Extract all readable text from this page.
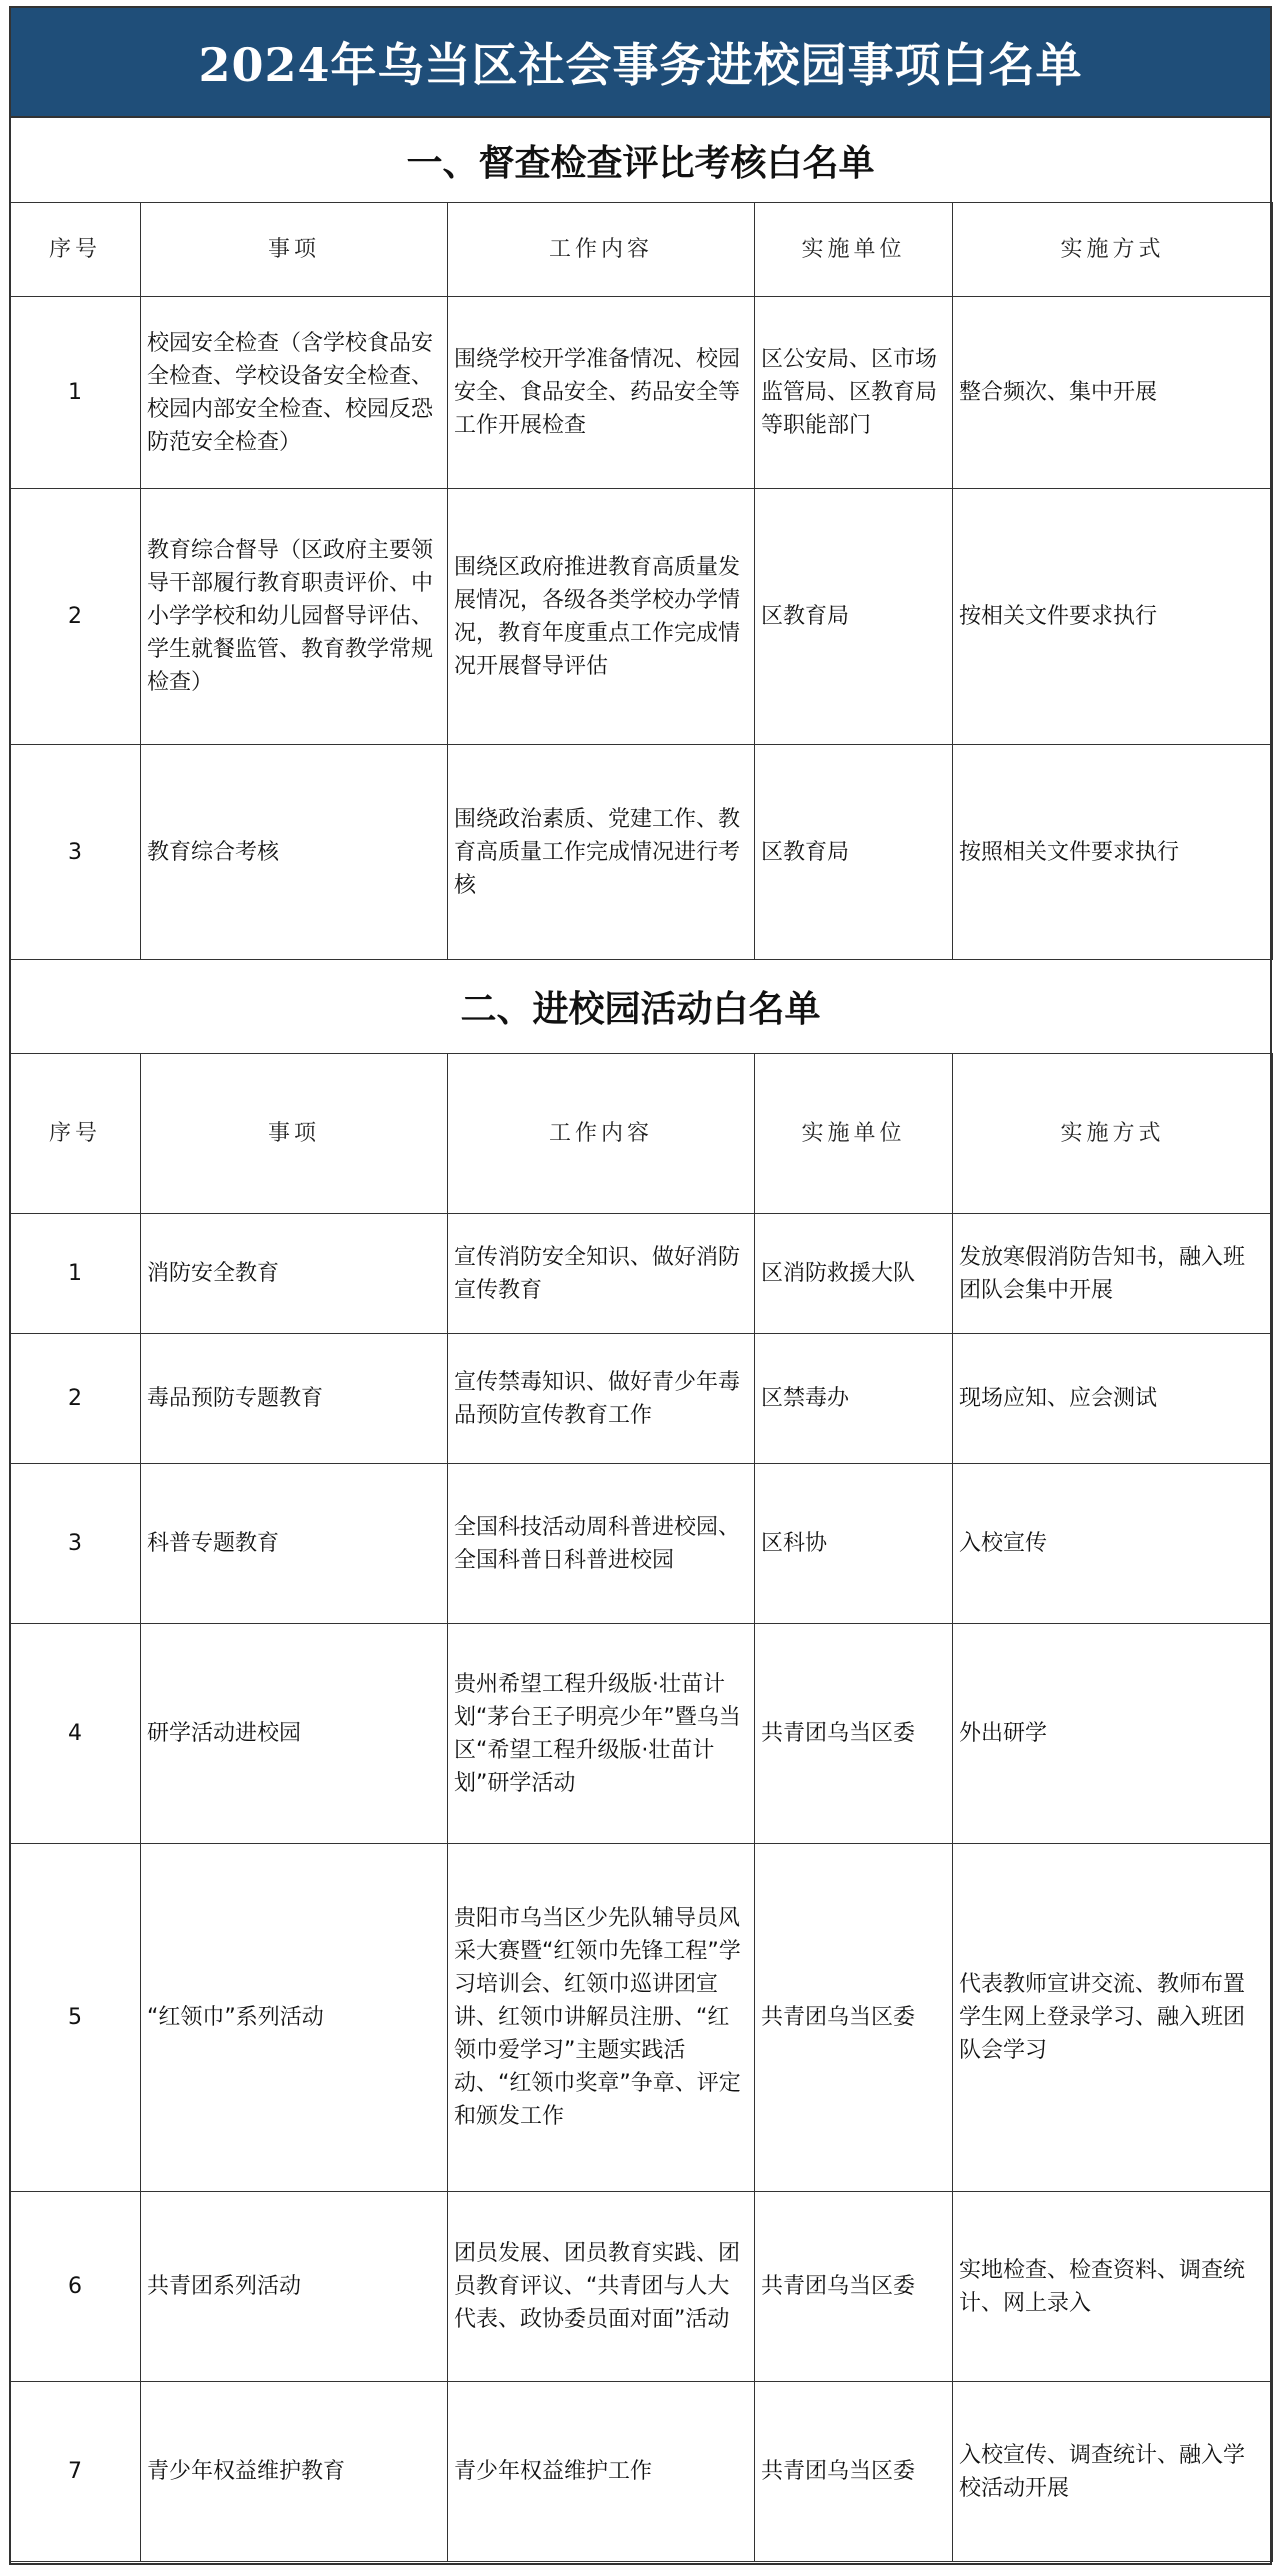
2024年乌当区社会事务进校园事项白名单
一、督查检查评比考核白名单
序号	事项	工作内容	实施单位	实施方式
1	校园安全检查（含学校食品安全检查、学校设备安全检查、校园内部安全检查、校园反恐防范安全检查）	围绕学校开学准备情况、校园安全、食品安全、药品安全等工作开展检查	区公安局、区市场监管局、区教育局等职能部门	整合频次、集中开展
2	教育综合督导（区政府主要领导干部履行教育职责评价、中小学学校和幼儿园督导评估、学生就餐监管、教育教学常规检查）	围绕区政府推进教育高质量发展情况，各级各类学校办学情况，教育年度重点工作完成情况开展督导评估	区教育局	按相关文件要求执行
3	教育综合考核	围绕政治素质、党建工作、教育高质量工作完成情况进行考核	区教育局	按照相关文件要求执行
二、进校园活动白名单
序号	事项	工作内容	实施单位	实施方式
1	消防安全教育	宣传消防安全知识、做好消防宣传教育	区消防救援大队	发放寒假消防告知书，融入班团队会集中开展
2	毒品预防专题教育	宣传禁毒知识、做好青少年毒品预防宣传教育工作	区禁毒办	现场应知、应会测试
3	科普专题教育	全国科技活动周科普进校园、全国科普日科普进校园	区科协	入校宣传
4	研学活动进校园	贵州希望工程升级版·壮苗计划“茅台王子明亮少年”暨乌当区“希望工程升级版·壮苗计划”研学活动	共青团乌当区委	外出研学
5	“红领巾”系列活动	贵阳市乌当区少先队辅导员风采大赛暨“红领巾先锋工程”学习培训会、红领巾巡讲团宣讲、红领巾讲解员注册、“红领巾爱学习”主题实践活动、“红领巾奖章”争章、评定和颁发工作	共青团乌当区委	代表教师宣讲交流、教师布置学生网上登录学习、融入班团队会学习
6	共青团系列活动	团员发展、团员教育实践、团员教育评议、“共青团与人大代表、政协委员面对面”活动	共青团乌当区委	实地检查、检查资料、调查统计、网上录入
7	青少年权益维护教育	青少年权益维护工作	共青团乌当区委	入校宣传、调查统计、融入学校活动开展
